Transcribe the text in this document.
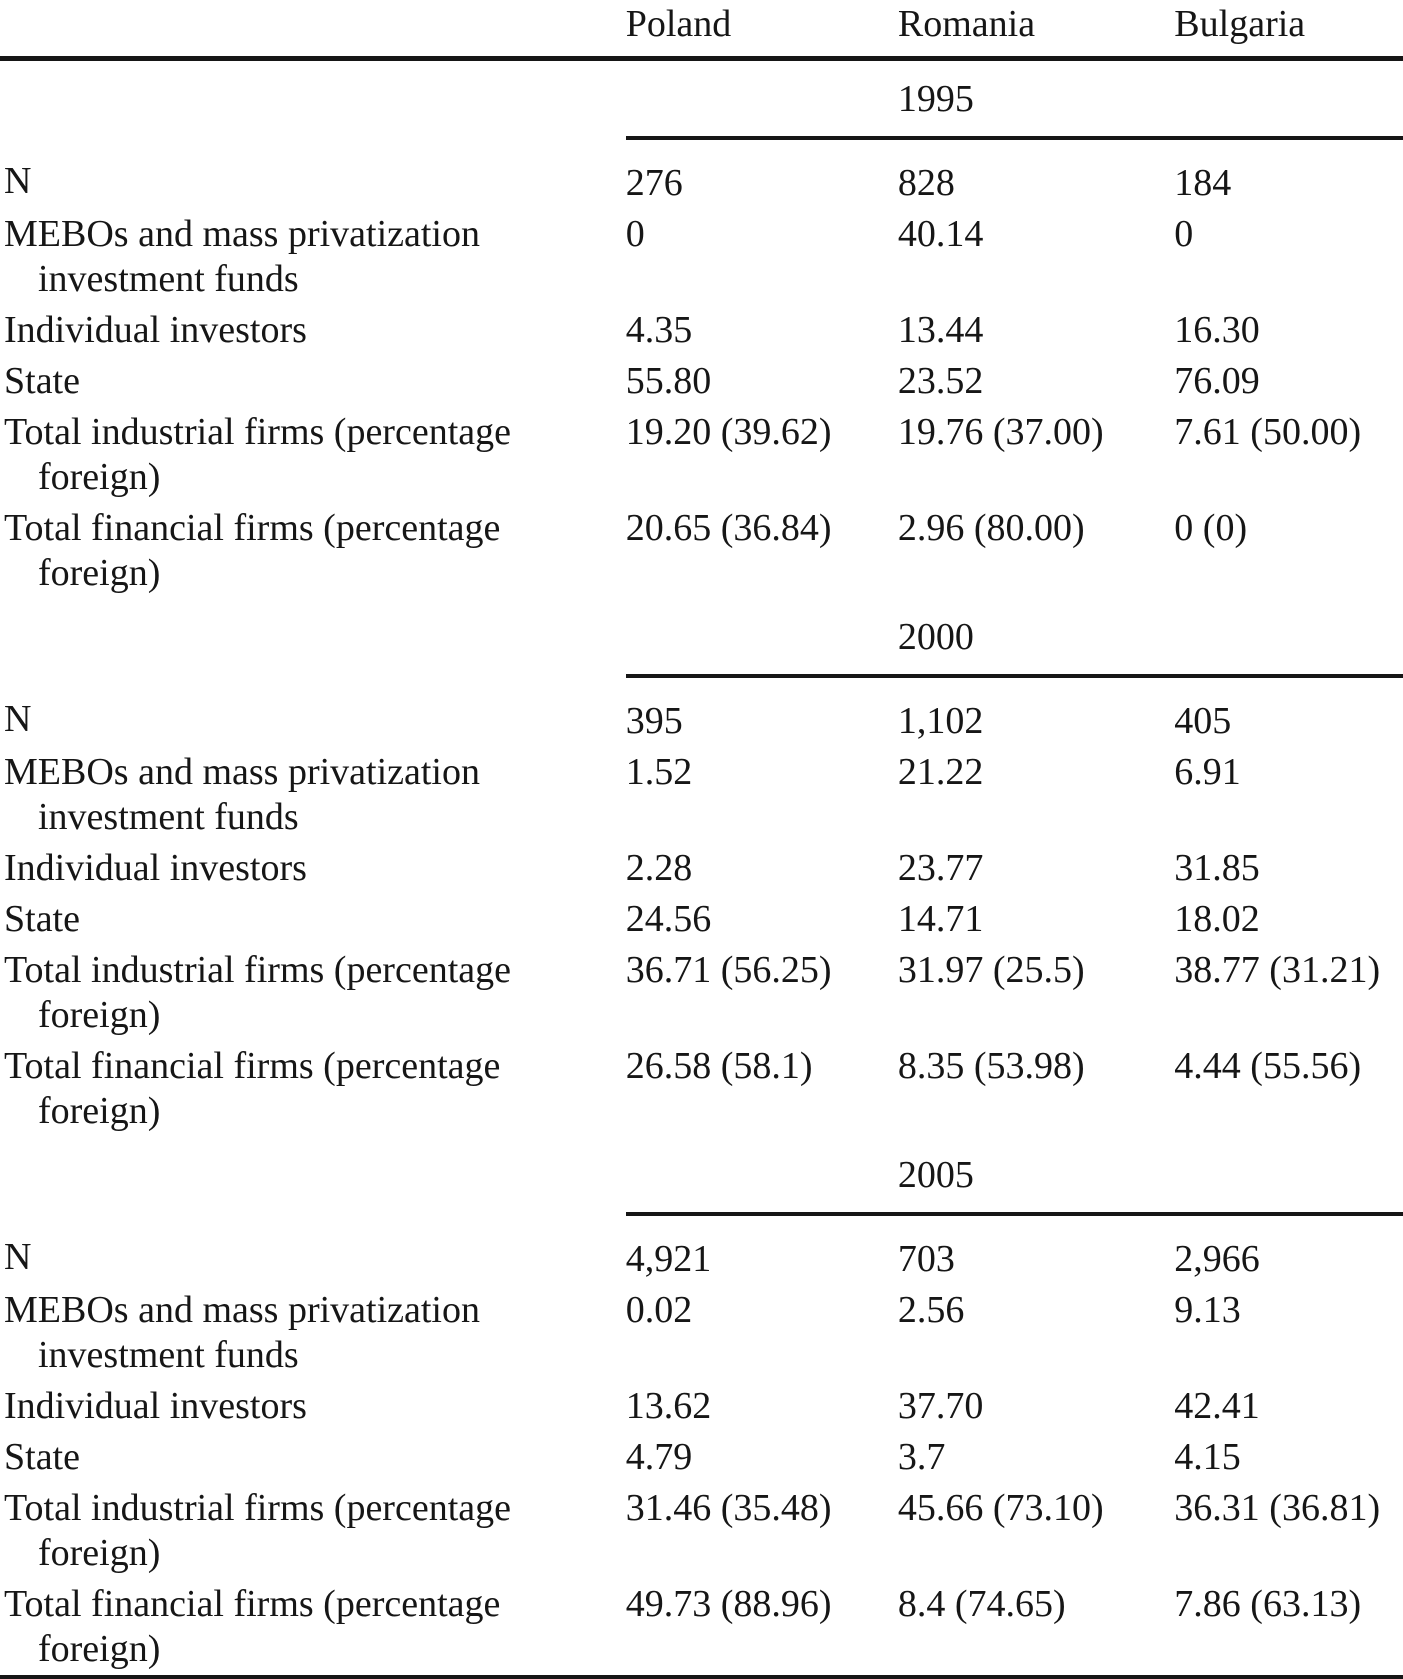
	Poland	Romania	Bulgaria
		1995	
N	276	828	184
MEBOs and mass privatization investment funds	0	40.14	0
Individual investors	4.35	13.44	16.30
State	55.80	23.52	76.09
Total industrial firms (percentage foreign)	19.20 (39.62)	19.76 (37.00)	7.61 (50.00)
Total financial firms (percentage foreign)	20.65 (36.84)	2.96 (80.00)	0 (0)
		2000	
N	395	1,102	405
MEBOs and mass privatization investment funds	1.52	21.22	6.91
Individual investors	2.28	23.77	31.85
State	24.56	14.71	18.02
Total industrial firms (percentage foreign)	36.71 (56.25)	31.97 (25.5)	38.77 (31.21)
Total financial firms (percentage foreign)	26.58 (58.1)	8.35 (53.98)	4.44 (55.56)
		2005	
N	4,921	703	2,966
MEBOs and mass privatization investment funds	0.02	2.56	9.13
Individual investors	13.62	37.70	42.41
State	4.79	3.7	4.15
Total industrial firms (percentage foreign)	31.46 (35.48)	45.66 (73.10)	36.31 (36.81)
Total financial firms (percentage foreign)	49.73 (88.96)	8.4 (74.65)	7.86 (63.13)
